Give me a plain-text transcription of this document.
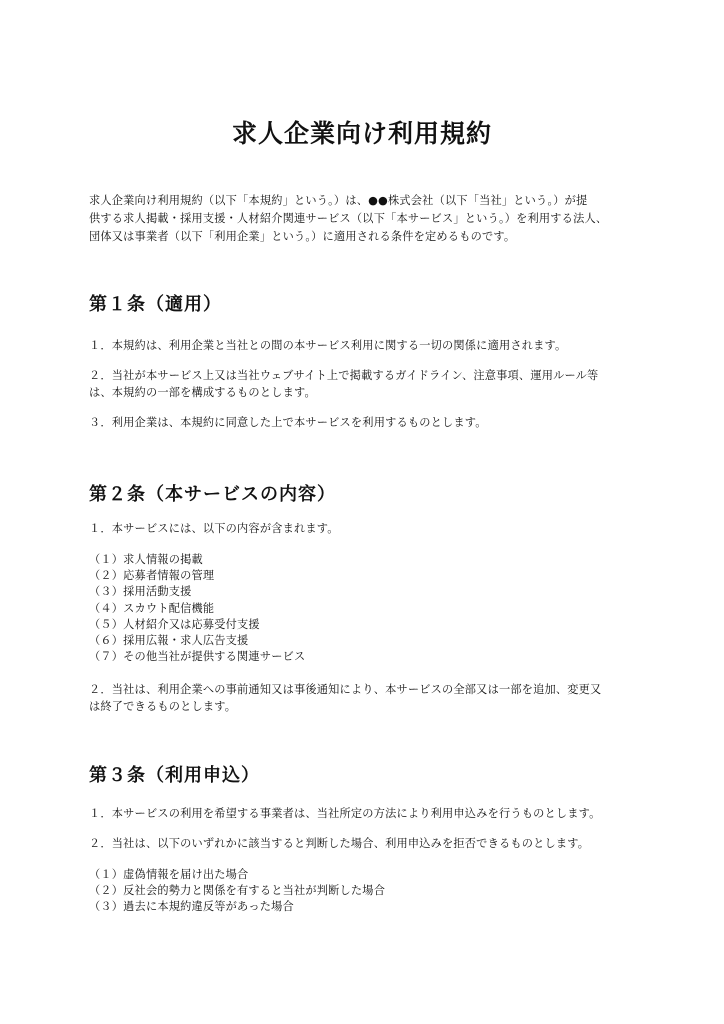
求人企業向け利用規約

求人企業向け利用規約（以下「本規約」という。）は、●●株式会社（以下「当社」という。）が提
供する求人掲載・採用支援・人材紹介関連サービス（以下「本サービス」という。）を利用する法人、
団体又は事業者（以下「利用企業」という。）に適用される条件を定めるものです。

第１条（適用）

１．本規約は、利用企業と当社との間の本サービス利用に関する一切の関係に適用されます。

２．当社が本サービス上又は当社ウェブサイト上で掲載するガイドライン、注意事項、運用ルール等
は、本規約の一部を構成するものとします。

３．利用企業は、本規約に同意した上で本サービスを利用するものとします。

第２条（本サービスの内容）

１．本サービスには、以下の内容が含まれます。

（１）求人情報の掲載
（２）応募者情報の管理
（３）採用活動支援
（４）スカウト配信機能
（５）人材紹介又は応募受付支援
（６）採用広報・求人広告支援
（７）その他当社が提供する関連サービス

２．当社は、利用企業への事前通知又は事後通知により、本サービスの全部又は一部を追加、変更又
は終了できるものとします。

第３条（利用申込）

１．本サービスの利用を希望する事業者は、当社所定の方法により利用申込みを行うものとします。

２．当社は、以下のいずれかに該当すると判断した場合、利用申込みを拒否できるものとします。

（１）虚偽情報を届け出た場合
（２）反社会的勢力と関係を有すると当社が判断した場合
（３）過去に本規約違反等があった場合
